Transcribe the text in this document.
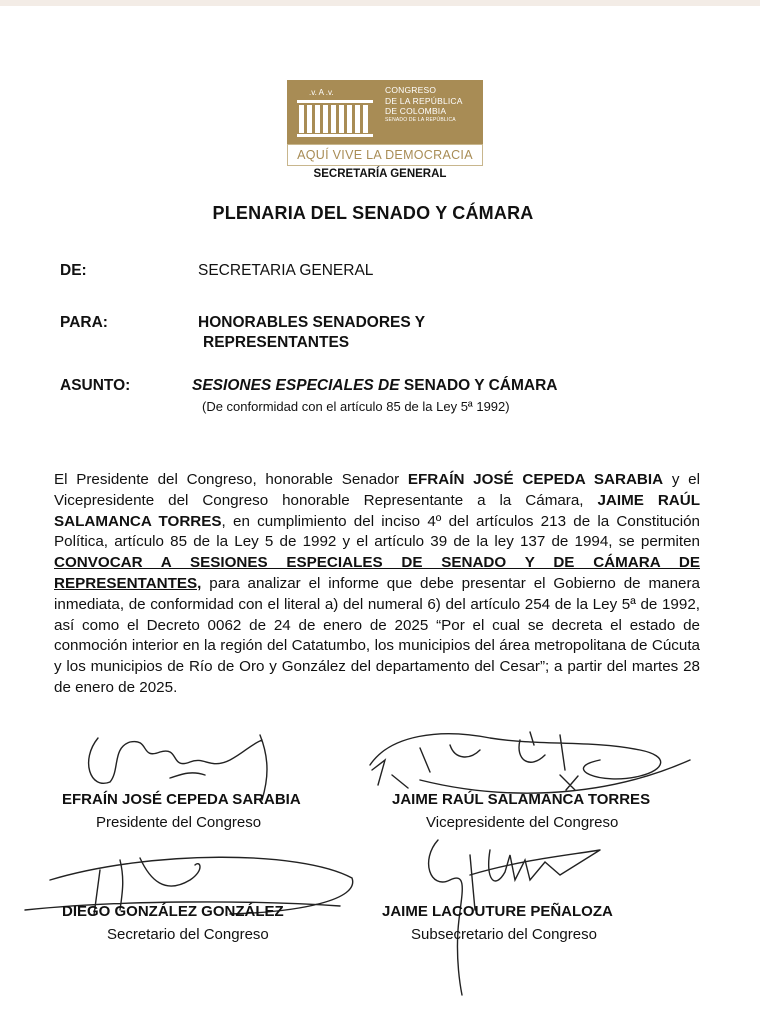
.v. A .v.	CONGRESO
DE LA REPÚBLICA
DE COLOMBIA
SENADO DE LA REPÚBLICA
AQUÍ VIVE LA DEMOCRACIA
SECRETARÍA GENERAL
PLENARIA DEL SENADO Y CÁMARA
DE:	SECRETARIA GENERAL
PARA:	HONORABLES SENADORES Y
REPRESENTANTES
ASUNTO:	SESIONES ESPECIALES DE SENADO Y CÁMARA
(De conformidad con el artículo 85 de la Ley 5ª 1992)
El Presidente del Congreso, honorable Senador EFRAÍN JOSÉ CEPEDA SARABIA y el Vicepresidente del Congreso honorable Representante a la Cámara, JAIME RAÚL SALAMANCA TORRES, en cumplimiento del inciso 4º del artículos 213 de la Constitución Política, artículo 85 de la Ley 5 de 1992 y el artículo 39 de la ley 137 de 1994, se permiten CONVOCAR A SESIONES ESPECIALES DE SENADO Y DE CÁMARA DE REPRESENTANTES, para analizar el informe que debe presentar el Gobierno de manera inmediata, de conformidad con el literal a) del numeral 6) del artículo 254 de la Ley 5ª de 1992, así como el Decreto 0062 de 24 de enero de 2025 “Por el cual se decreta el estado de conmoción interior en la región del Catatumbo, los municipios del área metropolitana de Cúcuta y los municipios de Río de Oro y González del departamento del Cesar”; a partir del martes 28 de enero de 2025.
EFRAÍN JOSÉ CEPEDA SARABIA
Presidente del Congreso
JAIME RAÚL SALAMANCA TORRES
Vicepresidente del Congreso
DIEGO GONZÁLEZ GONZÁLEZ
Secretario del Congreso
JAIME LACOUTURE PEÑALOZA
Subsecretario del Congreso
